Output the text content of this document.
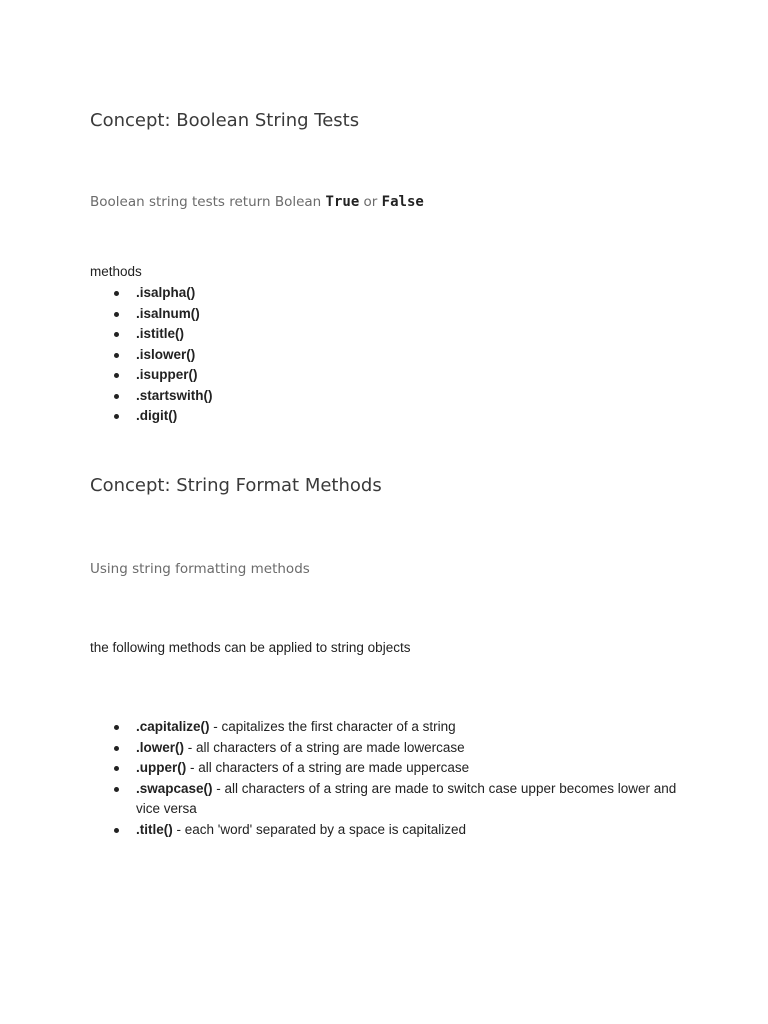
Concept: Boolean String Tests

Boolean string tests return Bolean True or False

methods

.isalpha()
.isalnum()
.istitle()
.islower()
.isupper()
.startswith()
.digit()
Concept: String Format Methods

Using string formatting methods

the following methods can be applied to string objects

.capitalize() - capitalizes the first character of a string
.lower() - all characters of a string are made lowercase
.upper() - all characters of a string are made uppercase
.swapcase() - all characters of a string are made to switch case upper becomes lower and vice versa
.title() - each 'word' separated by a space is capitalized
